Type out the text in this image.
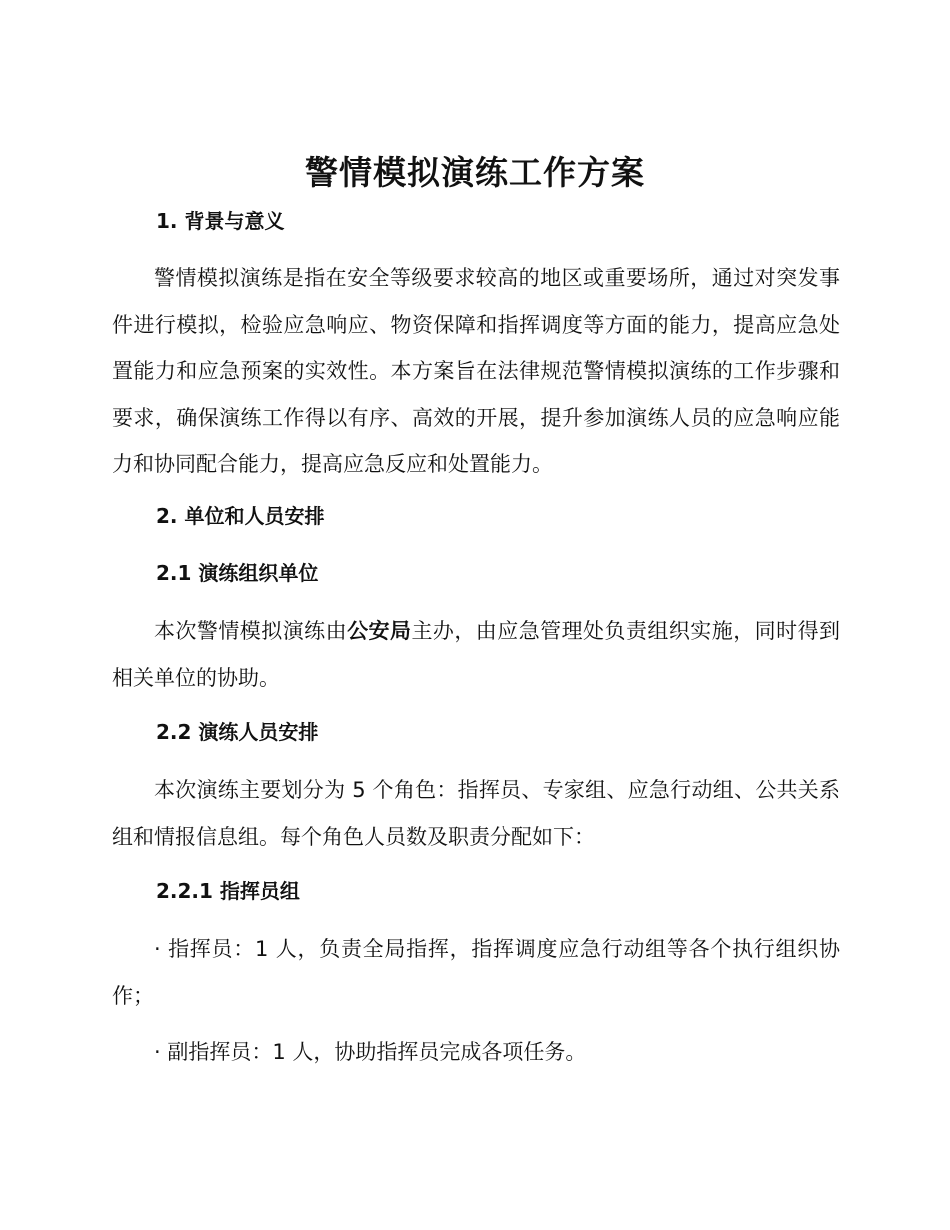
警情模拟演练工作方案
1. 背景与意义

警情模拟演练是指在安全等级要求较高的地区或重要场所，通过对突发事件进行模拟，检验应急响应、物资保障和指挥调度等方面的能力，提高应急处置能力和应急预案的实效性。本方案旨在法律规范警情模拟演练的工作步骤和要求，确保演练工作得以有序、高效的开展，提升参加演练人员的应急响应能力和协同配合能力，提高应急反应和处置能力。

2. 单位和人员安排
2.1 演练组织单位

本次警情模拟演练由公安局主办，由应急管理处负责组织实施，同时得到相关单位的协助。

2.2 演练人员安排

本次演练主要划分为 5 个角色：指挥员、专家组、应急行动组、公共关系组和情报信息组。每个角色人员数及职责分配如下：

2.2.1 指挥员组

· 指挥员：1 人，负责全局指挥，指挥调度应急行动组等各个执行组织协作；

· 副指挥员：1 人，协助指挥员完成各项任务。
